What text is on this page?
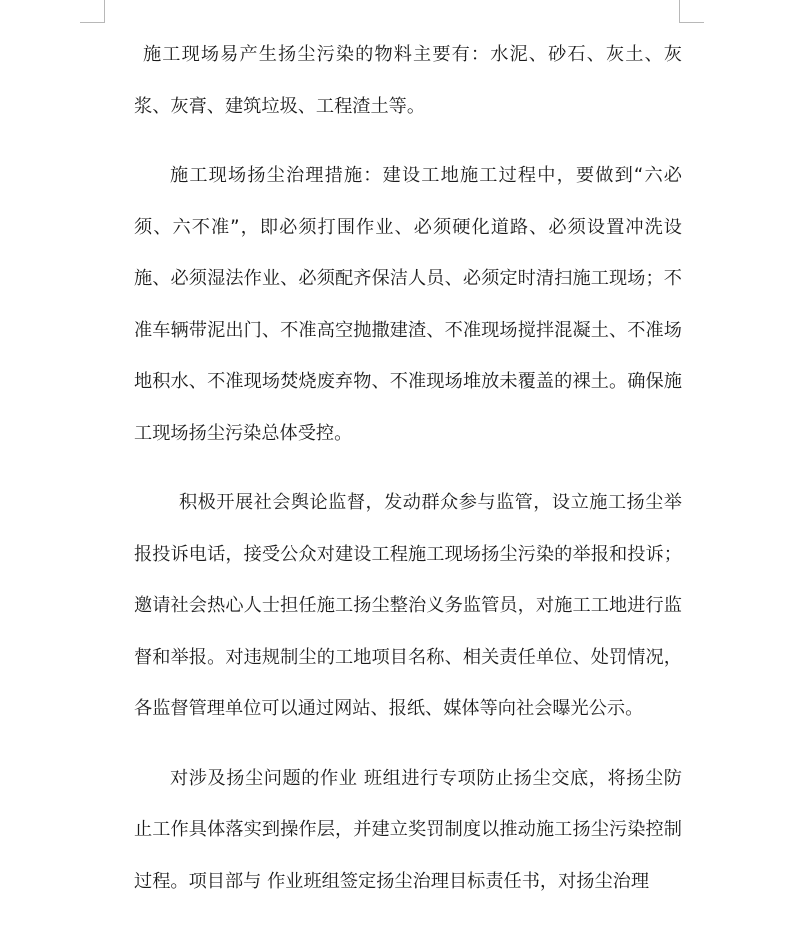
施工现场易产生扬尘污染的物料主要有：水泥、砂石、灰土、灰浆、灰膏、建筑垃圾、工程渣土等。

施工现场扬尘治理措施：建设工地施工过程中，要做到“六必须、六不准”，即必须打围作业、必须硬化道路、必须设置冲洗设施、必须湿法作业、必须配齐保洁人员、必须定时清扫施工现场；不准车辆带泥出门、不准高空抛撒建渣、不准现场搅拌混凝土、不准场地积水、不准现场焚烧废弃物、不准现场堆放未覆盖的裸土。确保施工现场扬尘污染总体受控。

积极开展社会舆论监督，发动群众参与监管，设立施工扬尘举报投诉电话，接受公众对建设工程施工现场扬尘污染的举报和投诉；邀请社会热心人士担任施工扬尘整治义务监管员，对施工工地进行监督和举报。对违规制尘的工地项目名称、相关责任单位、处罚情况，各监督管理单位可以通过网站、报纸、媒体等向社会曝光公示。

对涉及扬尘问题的作业 班组进行专项防止扬尘交底，将扬尘防止工作具体落实到操作层，并建立奖罚制度以推动施工扬尘污染控制过程。项目部与 作业班组签定扬尘治理目标责任书，对扬尘治理
